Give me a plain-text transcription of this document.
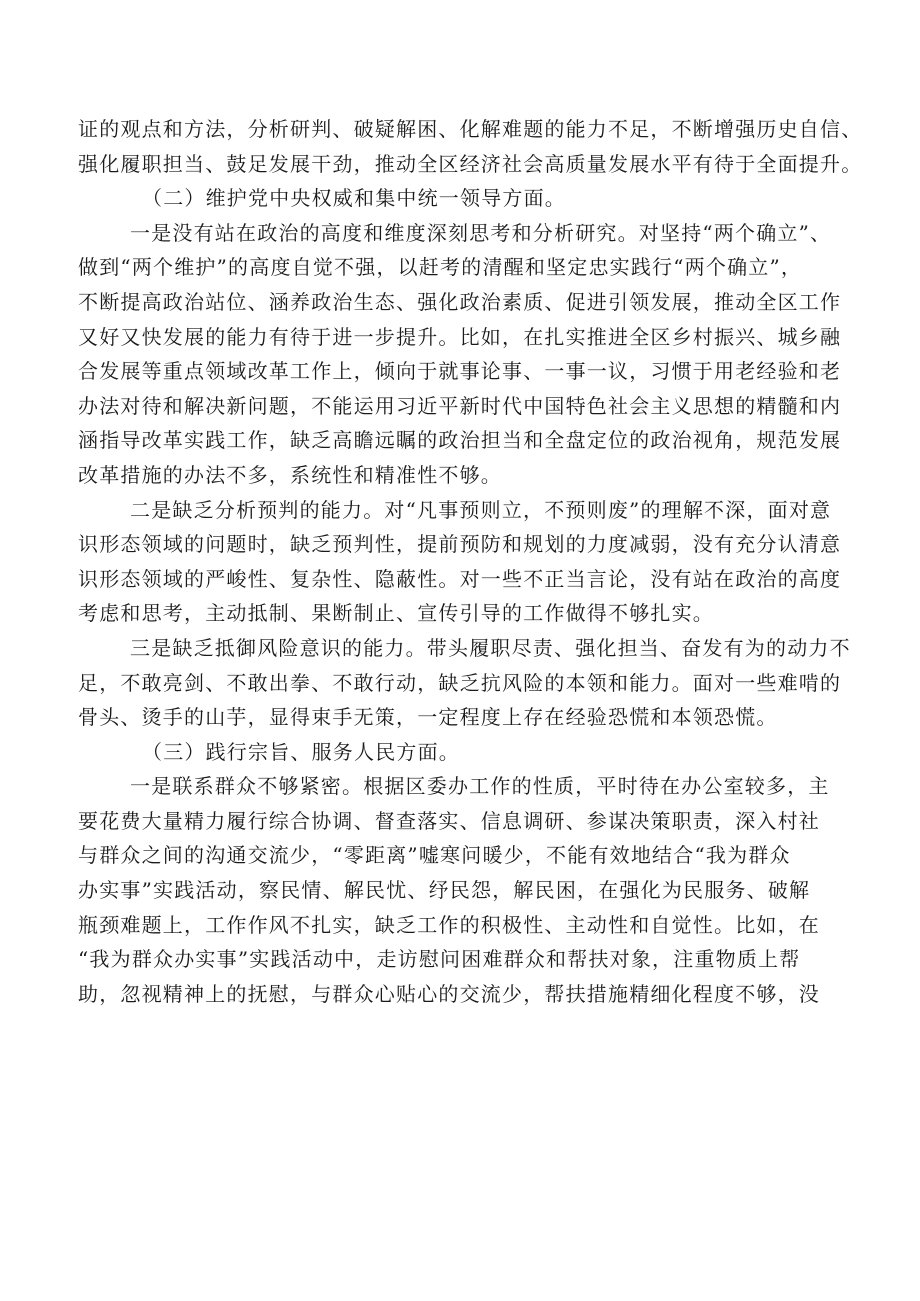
证的观点和方法，分析研判、破疑解困、化解难题的能力不足，不断增强历史自信、
强化履职担当、鼓足发展干劲，推动全区经济社会高质量发展水平有待于全面提升。
（二）维护党中央权威和集中统一领导方面。
一是没有站在政治的高度和维度深刻思考和分析研究。对坚持“两个确立”、
做到“两个维护”的高度自觉不强，以赶考的清醒和坚定忠实践行“两个确立”，
不断提高政治站位、涵养政治生态、强化政治素质、促进引领发展，推动全区工作
又好又快发展的能力有待于进一步提升。比如，在扎实推进全区乡村振兴、城乡融
合发展等重点领域改革工作上，倾向于就事论事、一事一议，习惯于用老经验和老
办法对待和解决新问题，不能运用习近平新时代中国特色社会主义思想的精髓和内
涵指导改革实践工作，缺乏高瞻远瞩的政治担当和全盘定位的政治视角，规范发展
改革措施的办法不多，系统性和精准性不够。
二是缺乏分析预判的能力。对“凡事预则立，不预则废”的理解不深，面对意
识形态领域的问题时，缺乏预判性，提前预防和规划的力度减弱，没有充分认清意
识形态领域的严峻性、复杂性、隐蔽性。对一些不正当言论，没有站在政治的高度
考虑和思考，主动抵制、果断制止、宣传引导的工作做得不够扎实。
三是缺乏抵御风险意识的能力。带头履职尽责、强化担当、奋发有为的动力不
足，不敢亮剑、不敢出拳、不敢行动，缺乏抗风险的本领和能力。面对一些难啃的
骨头、烫手的山芋，显得束手无策，一定程度上存在经验恐慌和本领恐慌。
（三）践行宗旨、服务人民方面。
一是联系群众不够紧密。根据区委办工作的性质，平时待在办公室较多，主
要花费大量精力履行综合协调、督查落实、信息调研、参谋决策职责，深入村社
与群众之间的沟通交流少，“零距离”嘘寒问暖少，不能有效地结合“我为群众
办实事”实践活动，察民情、解民忧、纾民怨，解民困，在强化为民服务、破解
瓶颈难题上，工作作风不扎实，缺乏工作的积极性、主动性和自觉性。比如，在
“我为群众办实事”实践活动中，走访慰问困难群众和帮扶对象，注重物质上帮
助，忽视精神上的抚慰，与群众心贴心的交流少，帮扶措施精细化程度不够，没
